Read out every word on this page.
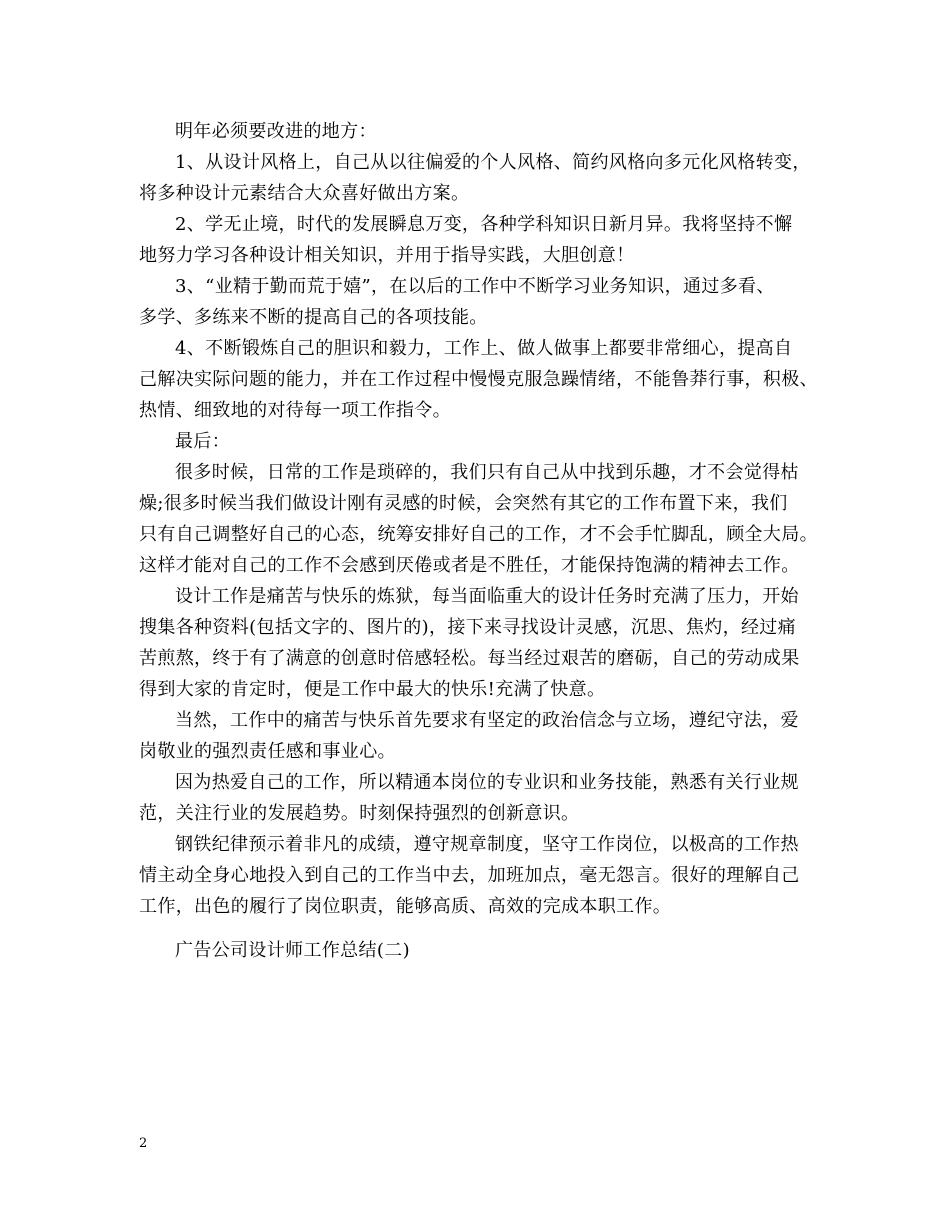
明年必须要改进的地方：
1、从设计风格上，自己从以往偏爱的个人风格、简约风格向多元化风格转变，
将多种设计元素结合大众喜好做出方案。
2、学无止境，时代的发展瞬息万变，各种学科知识日新月异。我将坚持不懈
地努力学习各种设计相关知识，并用于指导实践，大胆创意！
3、“业精于勤而荒于嬉”，在以后的工作中不断学习业务知识，通过多看、
多学、多练来不断的提高自己的各项技能。
4、不断锻炼自己的胆识和毅力，工作上、做人做事上都要非常细心，提高自
己解决实际问题的能力，并在工作过程中慢慢克服急躁情绪，不能鲁莽行事，积极、
热情、细致地的对待每一项工作指令。
最后：
很多时候，日常的工作是琐碎的，我们只有自己从中找到乐趣，才不会觉得枯
燥;很多时候当我们做设计刚有灵感的时候，会突然有其它的工作布置下来，我们
只有自己调整好自己的心态，统筹安排好自己的工作，才不会手忙脚乱，顾全大局。
这样才能对自己的工作不会感到厌倦或者是不胜任，才能保持饱满的精神去工作。
设计工作是痛苦与快乐的炼狱，每当面临重大的设计任务时充满了压力，开始
搜集各种资料(包括文字的、图片的)，接下来寻找设计灵感，沉思、焦灼，经过痛
苦煎熬，终于有了满意的创意时倍感轻松。每当经过艰苦的磨砺，自己的劳动成果
得到大家的肯定时，便是工作中最大的快乐!充满了快意。
当然，工作中的痛苦与快乐首先要求有坚定的政治信念与立场，遵纪守法，爱
岗敬业的强烈责任感和事业心。
因为热爱自己的工作，所以精通本岗位的专业识和业务技能，熟悉有关行业规
范，关注行业的发展趋势。时刻保持强烈的创新意识。
钢铁纪律预示着非凡的成绩，遵守规章制度，坚守工作岗位，以极高的工作热
情主动全身心地投入到自己的工作当中去，加班加点，毫无怨言。很好的理解自己
工作，出色的履行了岗位职责，能够高质、高效的完成本职工作。
广告公司设计师工作总结(二)
2
